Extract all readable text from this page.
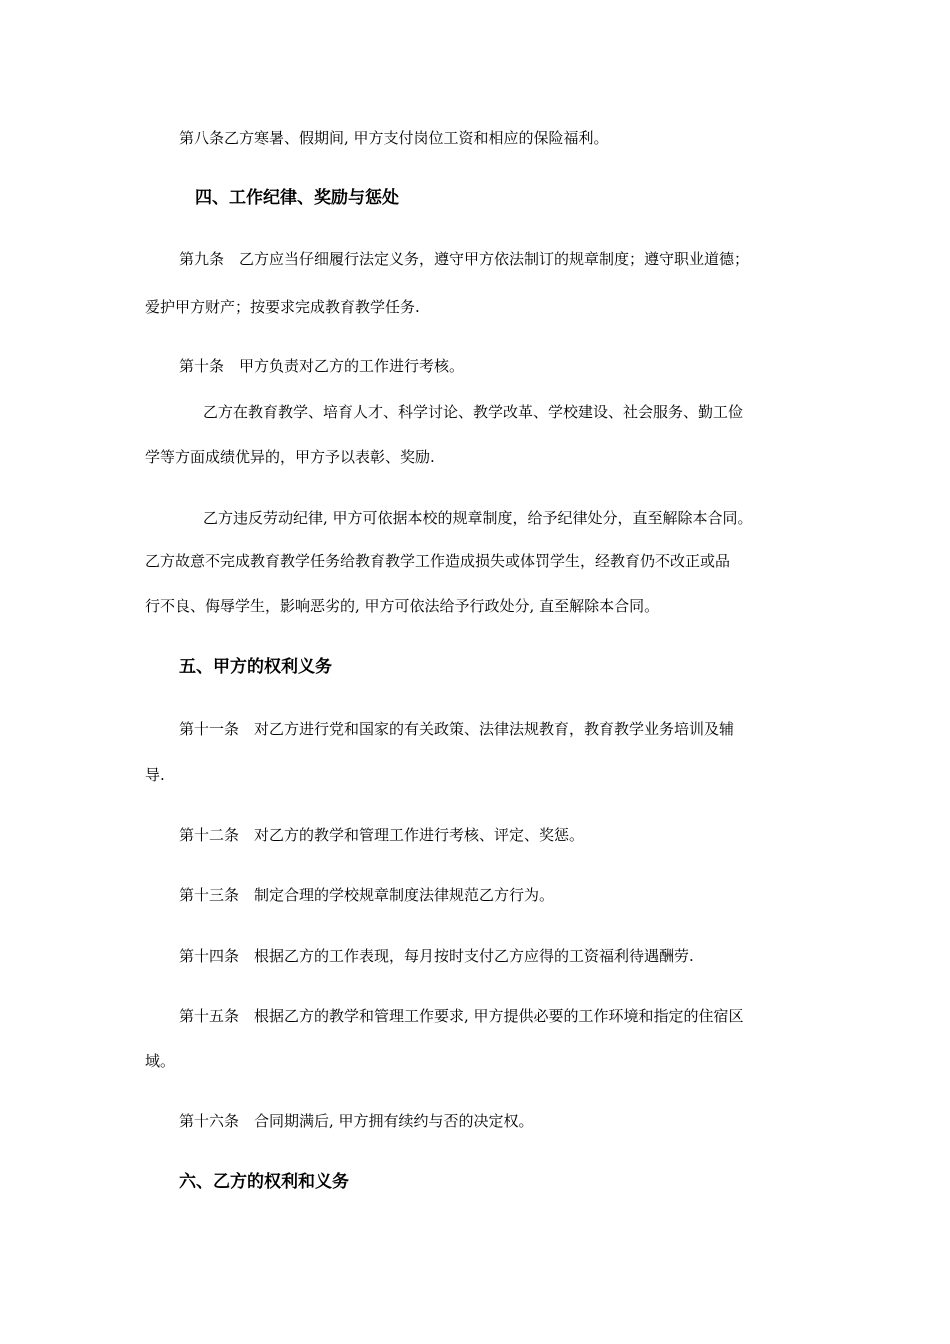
第八条乙方寒暑、假期间, 甲方支付岗位工资和相应的保险福利。
四、工作纪律、奖励与惩处
第九条　乙方应当仔细履行法定义务，遵守甲方依法制订的规章制度；遵守职业道德；
爱护甲方财产；按要求完成教育教学任务.
第十条　甲方负责对乙方的工作进行考核。
乙方在教育教学、培育人才、科学讨论、教学改革、学校建设、社会服务、勤工俭
学等方面成绩优异的，甲方予以表彰、奖励.
乙方违反劳动纪律, 甲方可依据本校的规章制度，给予纪律处分，直至解除本合同。
乙方故意不完成教育教学任务给教育教学工作造成损失或体罚学生，经教育仍不改正或品
行不良、侮辱学生，影响恶劣的, 甲方可依法给予行政处分, 直至解除本合同。
五、甲方的权利义务
第十一条　对乙方进行党和国家的有关政策、法律法规教育，教育教学业务培训及辅
导.
第十二条　对乙方的教学和管理工作进行考核、评定、奖惩。
第十三条　制定合理的学校规章制度法律规范乙方行为。
第十四条　根据乙方的工作表现，每月按时支付乙方应得的工资福利待遇酬劳.
第十五条　根据乙方的教学和管理工作要求, 甲方提供必要的工作环境和指定的住宿区
域。
第十六条　合同期满后, 甲方拥有续约与否的决定权。
六、乙方的权利和义务
